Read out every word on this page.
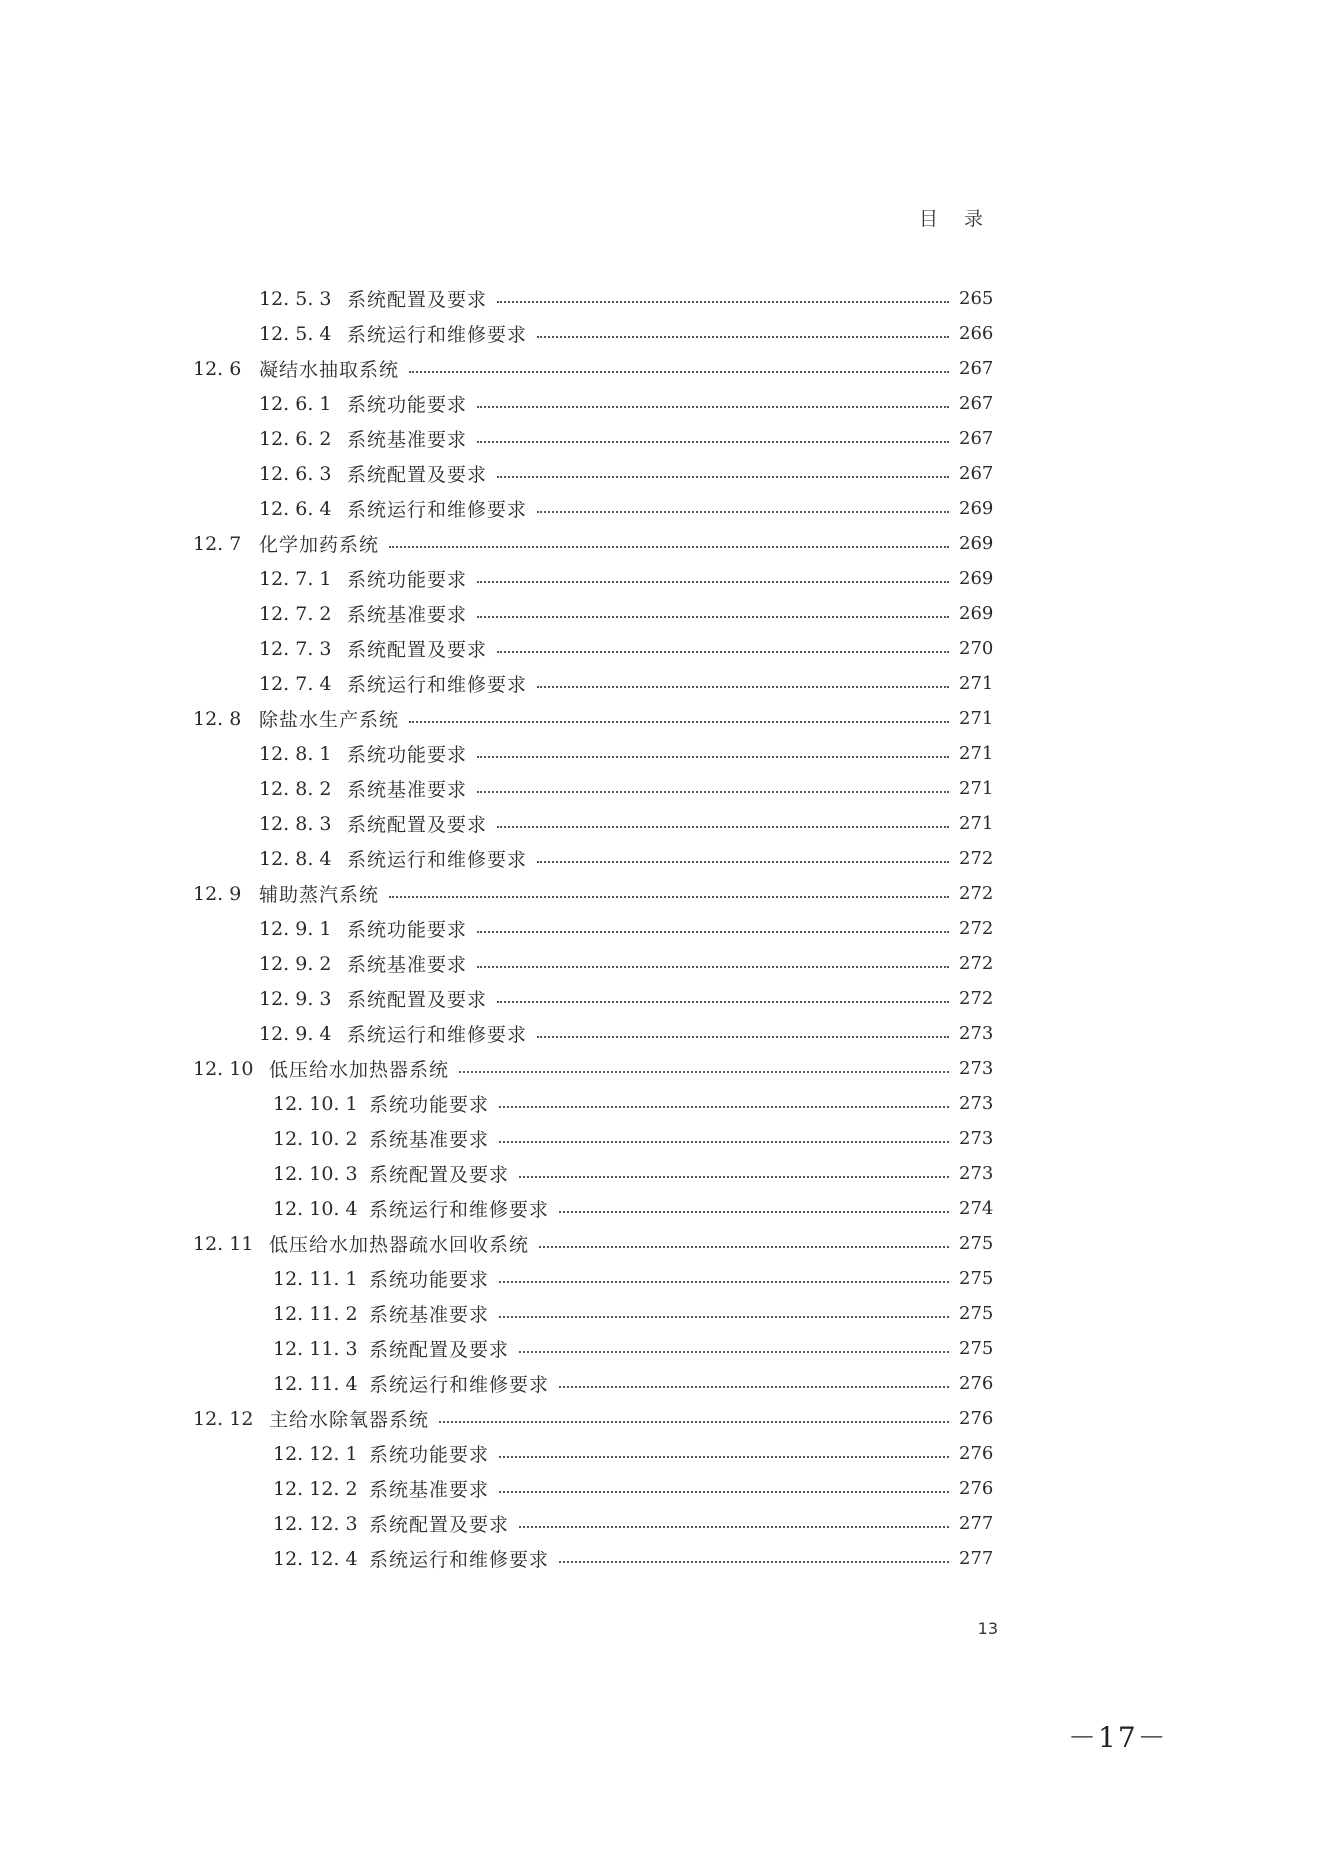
目 录
12. 5. 3 系统配置及要求	265
12. 5. 4 系统运行和维修要求	266
12. 6 凝结水抽取系统	267
12. 6. 1 系统功能要求	267
12. 6. 2 系统基准要求	267
12. 6. 3 系统配置及要求	267
12. 6. 4 系统运行和维修要求	269
12. 7 化学加药系统	269
12. 7. 1 系统功能要求	269
12. 7. 2 系统基准要求	269
12. 7. 3 系统配置及要求	270
12. 7. 4 系统运行和维修要求	271
12. 8 除盐水生产系统	271
12. 8. 1 系统功能要求	271
12. 8. 2 系统基准要求	271
12. 8. 3 系统配置及要求	271
12. 8. 4 系统运行和维修要求	272
12. 9 辅助蒸汽系统	272
12. 9. 1 系统功能要求	272
12. 9. 2 系统基准要求	272
12. 9. 3 系统配置及要求	272
12. 9. 4 系统运行和维修要求	273
12. 10 低压给水加热器系统	273
12. 10. 1 系统功能要求	273
12. 10. 2 系统基准要求	273
12. 10. 3 系统配置及要求	273
12. 10. 4 系统运行和维修要求	274
12. 11 低压给水加热器疏水回收系统	275
12. 11. 1 系统功能要求	275
12. 11. 2 系统基准要求	275
12. 11. 3 系统配置及要求	275
12. 11. 4 系统运行和维修要求	276
12. 12 主给水除氧器系统	276
12. 12. 1 系统功能要求	276
12. 12. 2 系统基准要求	276
12. 12. 3 系统配置及要求	277
12. 12. 4 系统运行和维修要求	277
13
－17－
